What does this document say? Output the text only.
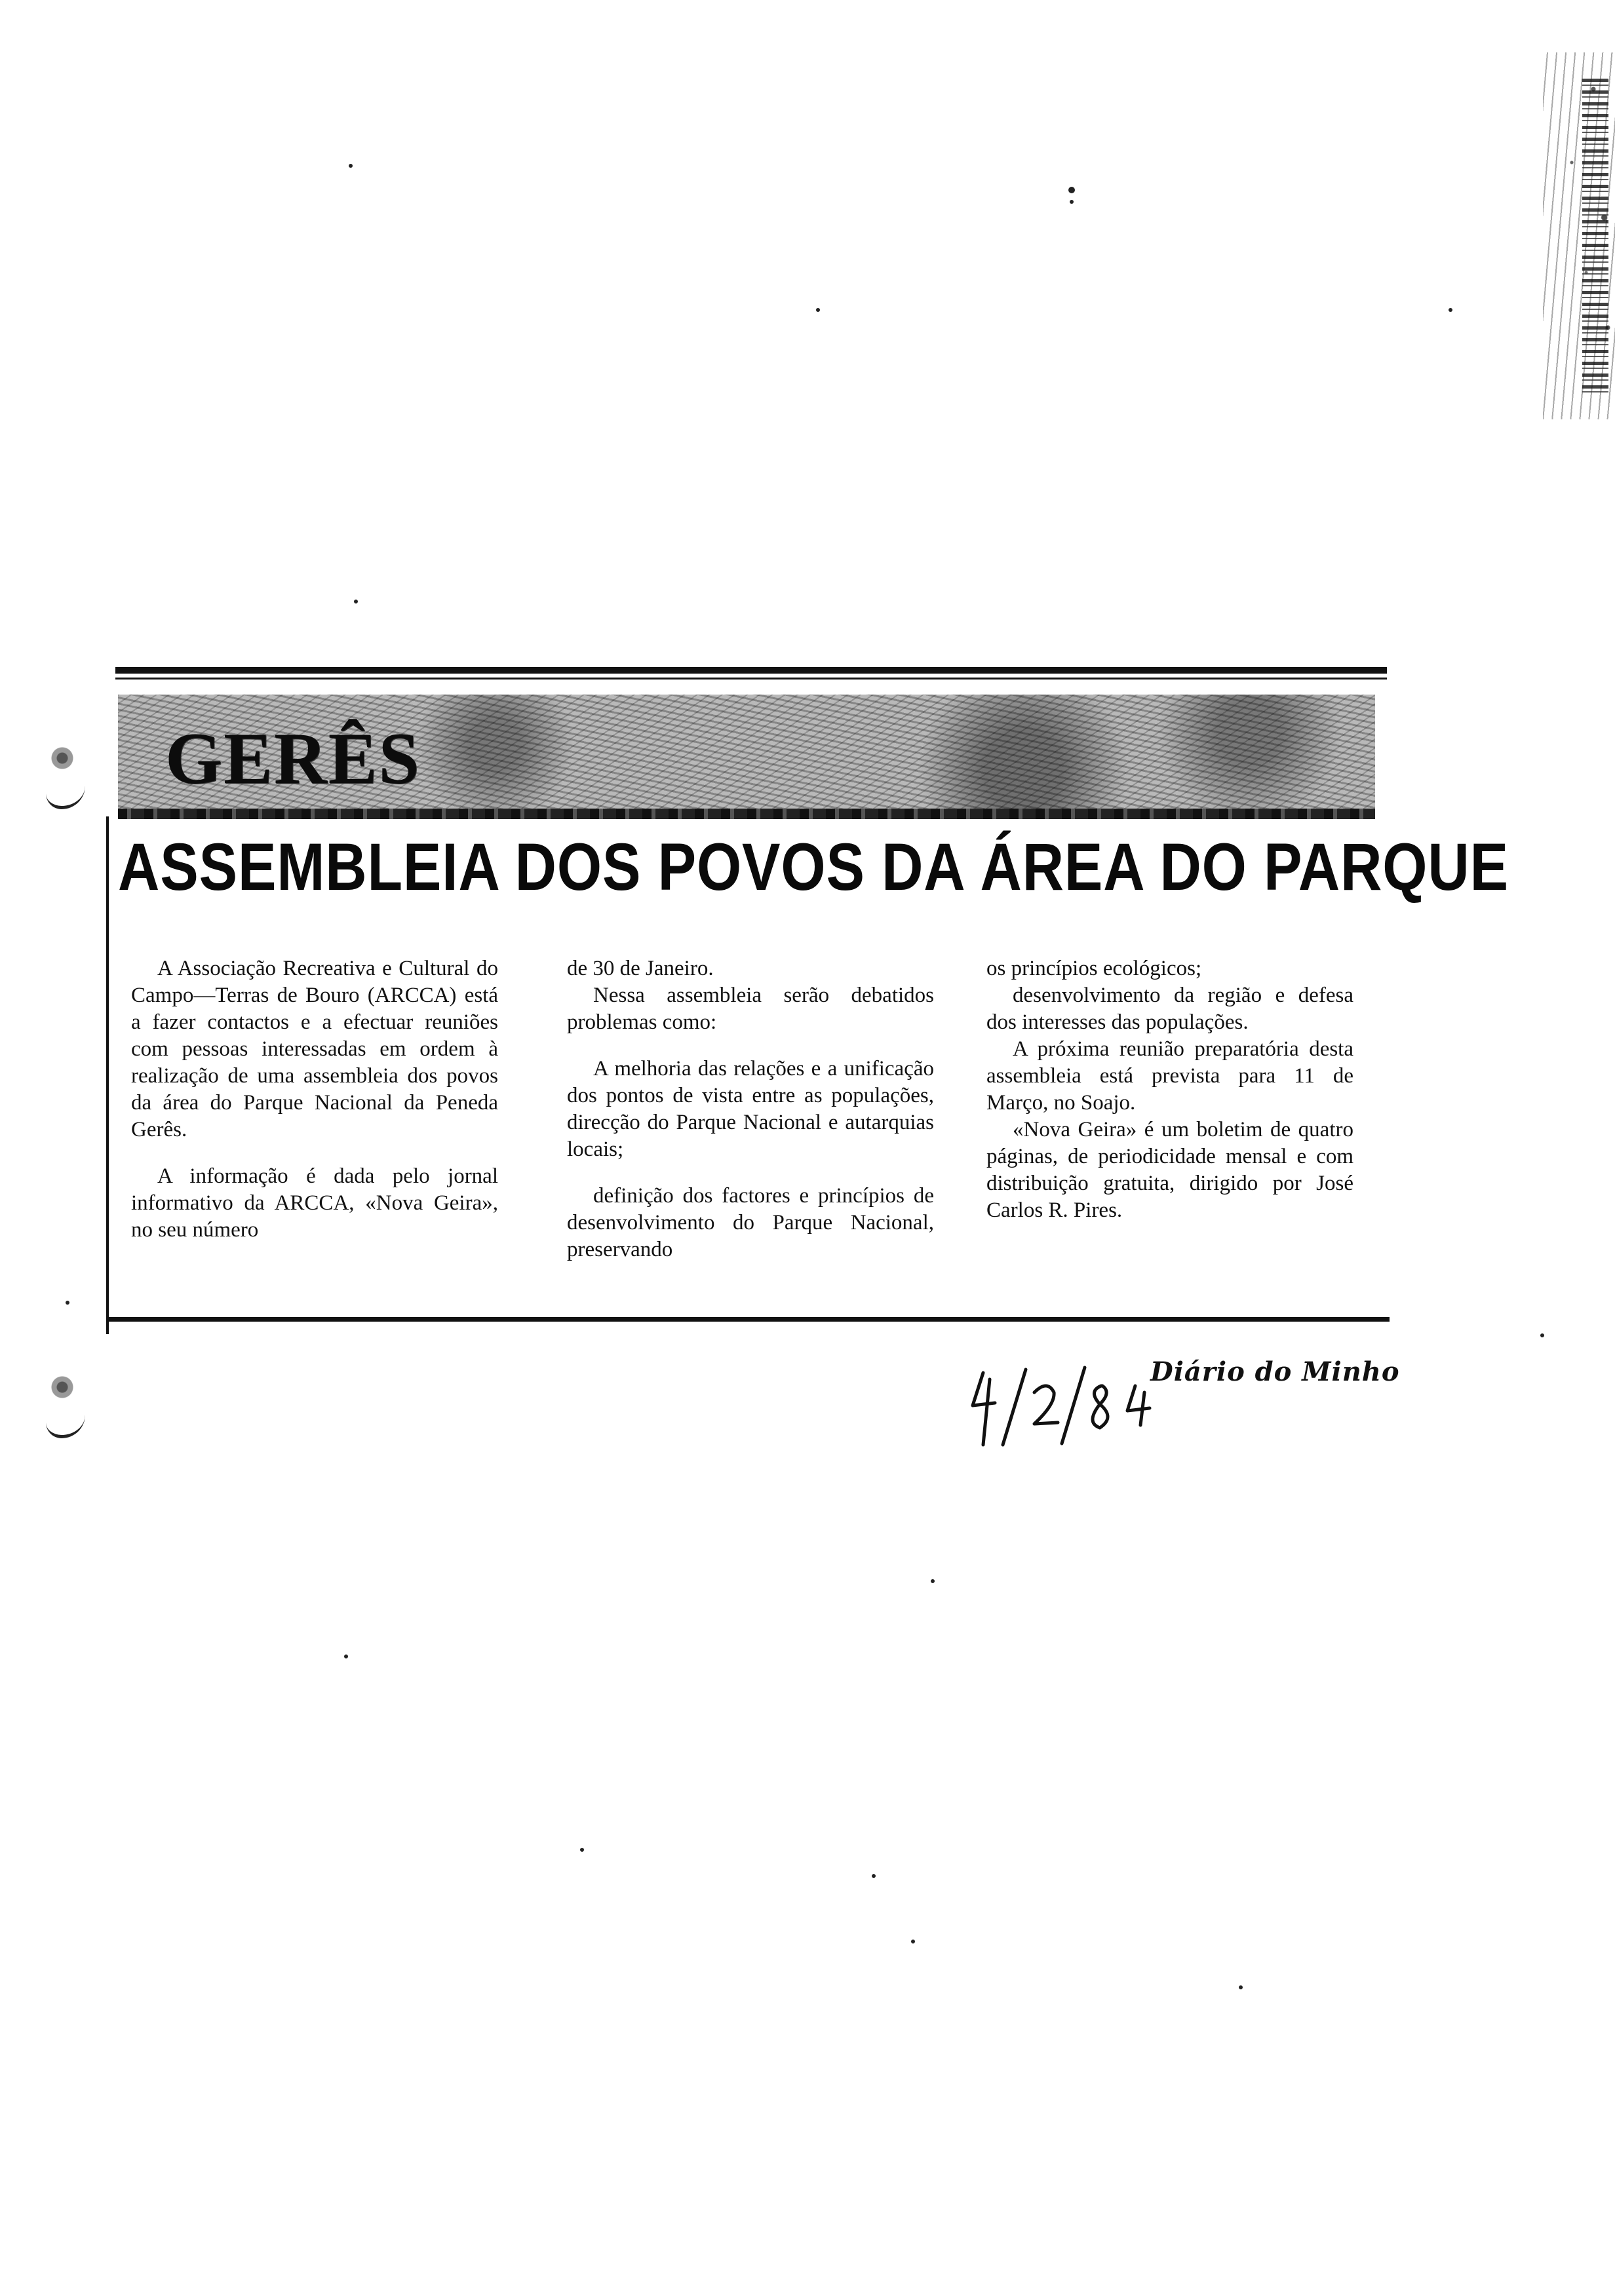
GERÊS
ASSEMBLEIA DOS POVOS DA ÁREA DO PARQUE

A Associação Recreativa e Cultural do Campo—Terras de Bouro (ARCCA) está a fazer contactos e a efectuar reuniões com pessoas interessadas em ordem à realização de uma assembleia dos povos da área do Parque Nacional da Peneda Gerês.

A informação é dada pelo jornal informativo da ARCCA, «Nova Geira», no seu número

de 30 de Janeiro.

Nessa assembleia serão debatidos problemas como:

A melhoria das relações e a unificação dos pontos de vista entre as populações, direcção do Parque Nacional e autarquias locais;

definição dos factores e princípios de desenvolvimento do Parque Nacional, preservando

os princípios ecológicos;

desenvolvimento da região e defesa dos interesses das populações.

A próxima reunião preparatória desta assembleia está prevista para 11 de Março, no Soajo.

«Nova Geira» é um boletim de quatro páginas, de periodicidade mensal e com distribuição gratuita, dirigido por José Carlos R. Pires.

Diário do Minho
